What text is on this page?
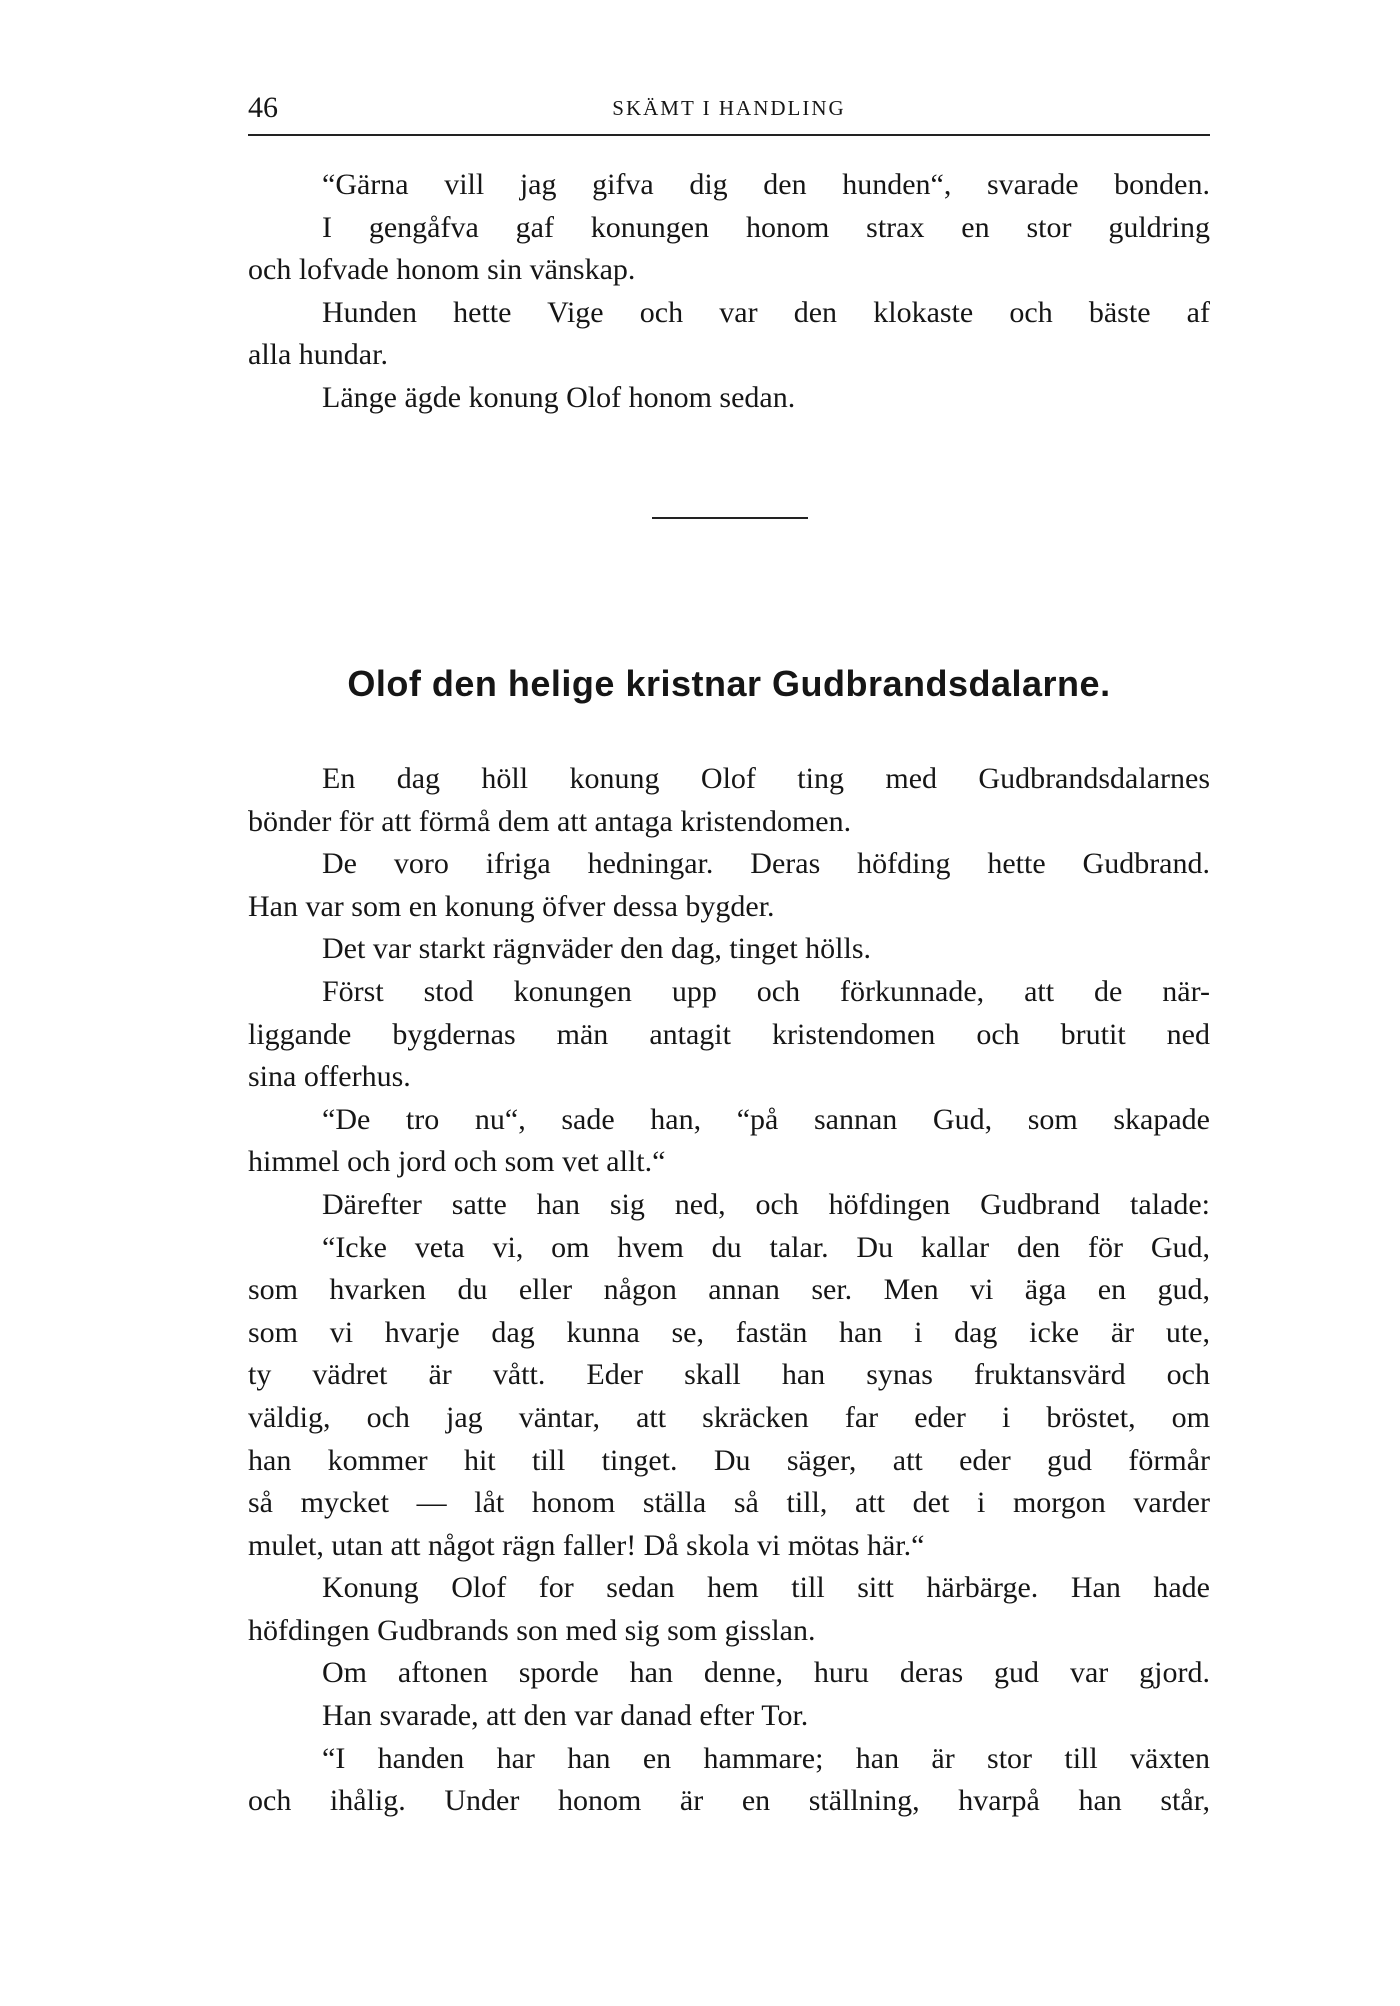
46	SKÄMT I HANDLING
“Gärna vill jag gifva dig den hunden“, svarade bonden.
I gengåfva gaf konungen honom strax en stor guldring
och lofvade honom sin vänskap.
Hunden hette Vige och var den klokaste och bäste af
alla hundar.
Länge ägde konung Olof honom sedan.
Olof den helige kristnar Gudbrandsdalarne.
En dag höll konung Olof ting med Gudbrandsdalarnes
bönder för att förmå dem att antaga kristendomen.
De voro ifriga hedningar. Deras höfding hette Gudbrand.
Han var som en konung öfver dessa bygder.
Det var starkt rägnväder den dag, tinget hölls.
Först stod konungen upp och förkunnade, att de när-
liggande bygdernas män antagit kristendomen och brutit ned
sina offerhus.
“De tro nu“, sade han, “på sannan Gud, som skapade
himmel och jord och som vet allt.“
Därefter satte han sig ned, och höfdingen Gudbrand talade:
“Icke veta vi, om hvem du talar. Du kallar den för Gud,
som hvarken du eller någon annan ser. Men vi äga en gud,
som vi hvarje dag kunna se, fastän han i dag icke är ute,
ty vädret är vått. Eder skall han synas fruktansvärd och
väldig, och jag väntar, att skräcken far eder i bröstet, om
han kommer hit till tinget. Du säger, att eder gud förmår
så mycket — låt honom ställa så till, att det i morgon varder
mulet, utan att något rägn faller! Då skola vi mötas här.“
Konung Olof for sedan hem till sitt härbärge. Han hade
höfdingen Gudbrands son med sig som gisslan.
Om aftonen sporde han denne, huru deras gud var gjord.
Han svarade, att den var danad efter Tor.
“I handen har han en hammare; han är stor till växten
och ihålig. Under honom är en ställning, hvarpå han står,
